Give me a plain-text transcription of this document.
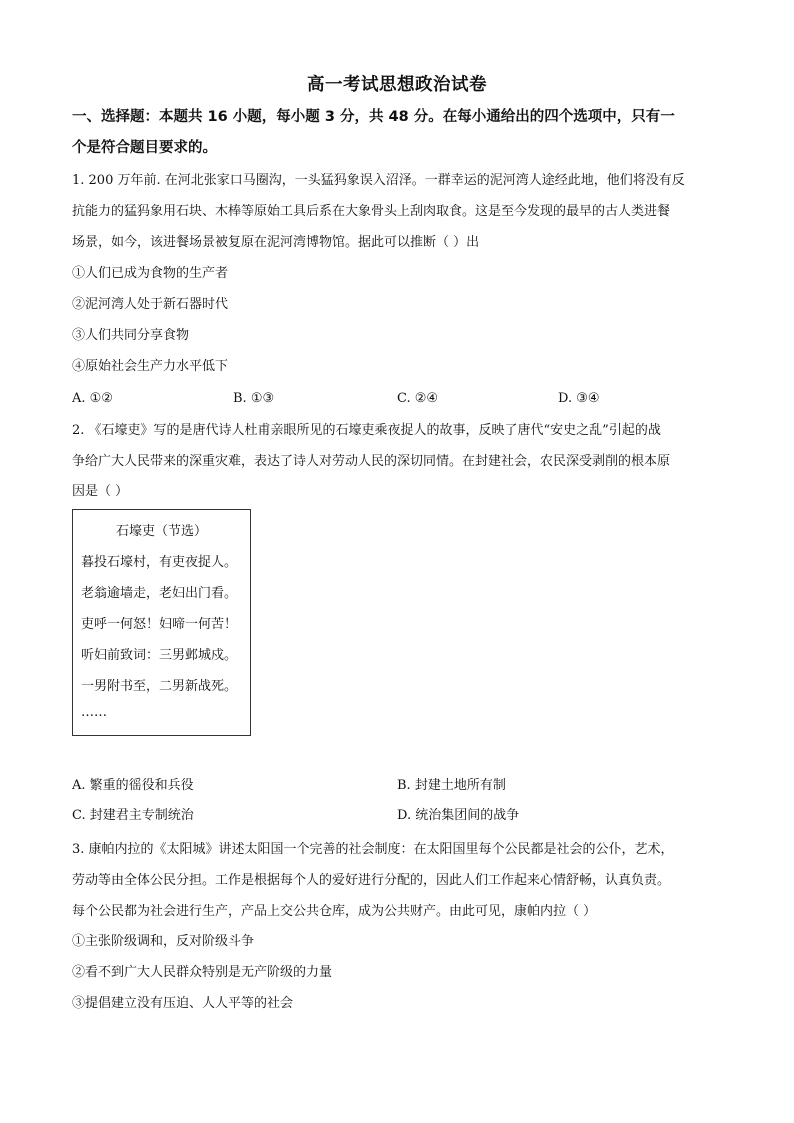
高一考试思想政治试卷
一、选择题：本题共 16 小题，每小题 3 分，共 48 分。在每小通给出的四个选项中，只有一
个是符合题目要求的。
1. 200 万年前. 在河北张家口马圈沟，一头猛犸象误入沼泽。一群幸运的泥河湾人途经此地，他们将没有反
抗能力的猛犸象用石块、木棒等原始工具后系在大象骨头上刮肉取食。这是至今发现的最早的古人类进餐
场景，如今，该进餐场景被复原在泥河湾博物馆。据此可以推断（ ）出
①人们已成为食物的生产者
②泥河湾人处于新石器时代
③人们共同分享食物
④原始社会生产力水平低下
A. ①②	B. ①③	C. ②④	D. ③④
2. 《石壕吏》写的是唐代诗人杜甫亲眼所见的石壕吏乘夜捉人的故事，反映了唐代“安史之乱”引起的战
争给广大人民带来的深重灾难，表达了诗人对劳动人民的深切同情。在封建社会，农民深受剥削的根本原
因是（ ）
石壕吏（节选）
暮投石壕村，有吏夜捉人。
老翁逾墙走，老妇出门看。
吏呼一何怒！妇啼一何苦！
听妇前致词：三男邺城戍。
一男附书至，二男新战死。
……
A. 繁重的徭役和兵役	B. 封建土地所有制
C. 封建君主专制统治	D. 统治集团间的战争
3. 康帕内拉的《太阳城》讲述太阳国一个完善的社会制度：在太阳国里每个公民都是社会的公仆，艺术，
劳动等由全体公民分担。工作是根据每个人的爱好进行分配的，因此人们工作起来心情舒畅，认真负责。
每个公民都为社会进行生产，产品上交公共仓库，成为公共财产。由此可见，康帕内拉（ ）
①主张阶级调和，反对阶级斗争
②看不到广大人民群众特别是无产阶级的力量
③提倡建立没有压迫、人人平等的社会
